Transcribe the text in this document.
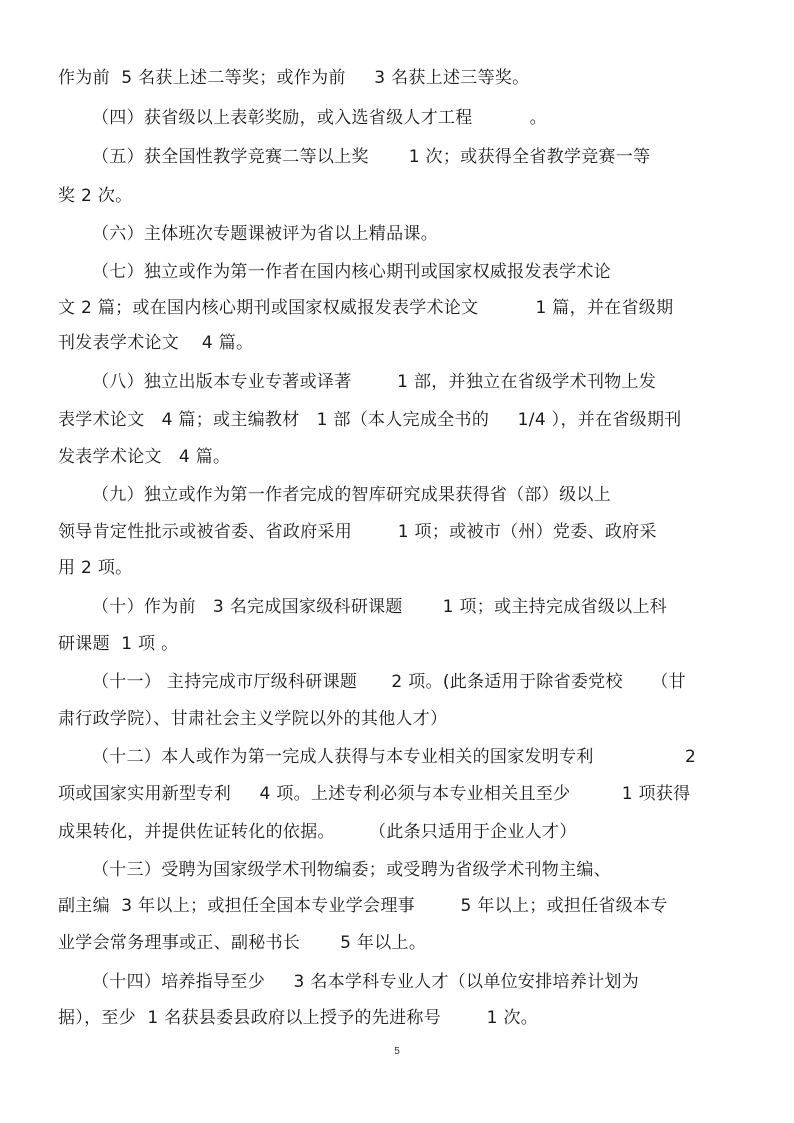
作为前  5 名获上述二等奖；或作为前     3 名获上述三等奖。
（四）获省级以上表彰奖励，或入选省级人才工程          。
（五）获全国性教学竞赛二等以上奖       1 次；或获得全省教学竞赛一等
奖 2 次。
（六）主体班次专题课被评为省以上精品课。
（七）独立或作为第一作者在国内核心期刊或国家权威报发表学术论
文 2 篇；或在国内核心期刊或国家权威报发表学术论文          1 篇，并在省级期
刊发表学术论文    4 篇。
（八）独立出版本专业专著或译著        1 部，并独立在省级学术刊物上发
表学术论文   4 篇；或主编教材   1 部（本人完成全书的     1/4 ），并在省级期刊
发表学术论文   4 篇。
（九）独立或作为第一作者完成的智库研究成果获得省（部）级以上
领导肯定性批示或被省委、省政府采用        1 项；或被市（州）党委、政府采
用 2 项。
（十）作为前   3 名完成国家级科研课题       1 项；或主持完成省级以上科
研课题  1 项 。
（十一） 主持完成市厅级科研课题      2 项。(此条适用于除省委党校     （甘
肃行政学院）、甘肃社会主义学院以外的其他人才）
（十二）本人或作为第一完成人获得与本专业相关的国家发明专利                2
项或国家实用新型专利     4 项。上述专利必须与本专业相关且至少         1 项获得
成果转化，并提供佐证转化的依据。      （此条只适用于企业人才）
（十三）受聘为国家级学术刊物编委；或受聘为省级学术刊物主编、
副主编  3 年以上；或担任全国本专业学会理事        5 年以上；或担任省级本专
业学会常务理事或正、副秘书长       5 年以上。
（十四）培养指导至少     3 名本学科专业人才（以单位安排培养计划为
据），至少  1 名获县委县政府以上授予的先进称号        1 次。
5
